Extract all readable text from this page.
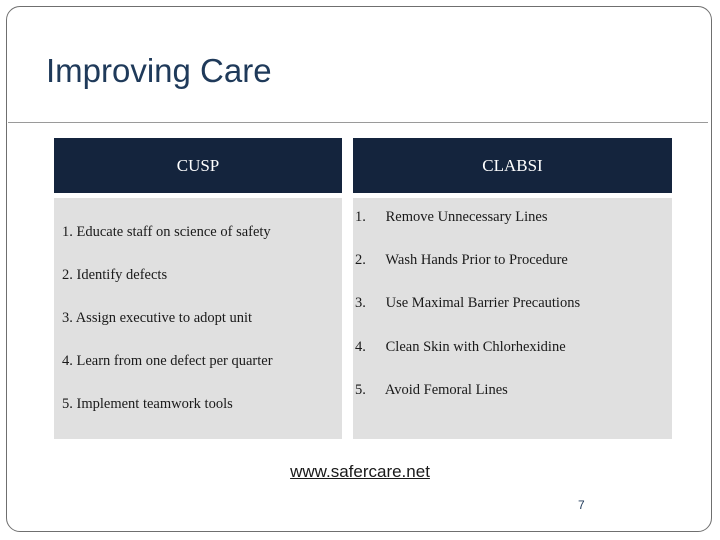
Improving Care
CUSP
1. Educate staff on science of safety
2. Identify defects
3. Assign executive to adopt unit
4. Learn from one defect per quarter
5. Implement teamwork tools
CLABSI
1. Remove Unnecessary Lines
2. Wash Hands Prior to Procedure
3. Use Maximal Barrier Precautions
4. Clean Skin with Chlorhexidine
5. Avoid Femoral Lines
www.safercare.net
7
